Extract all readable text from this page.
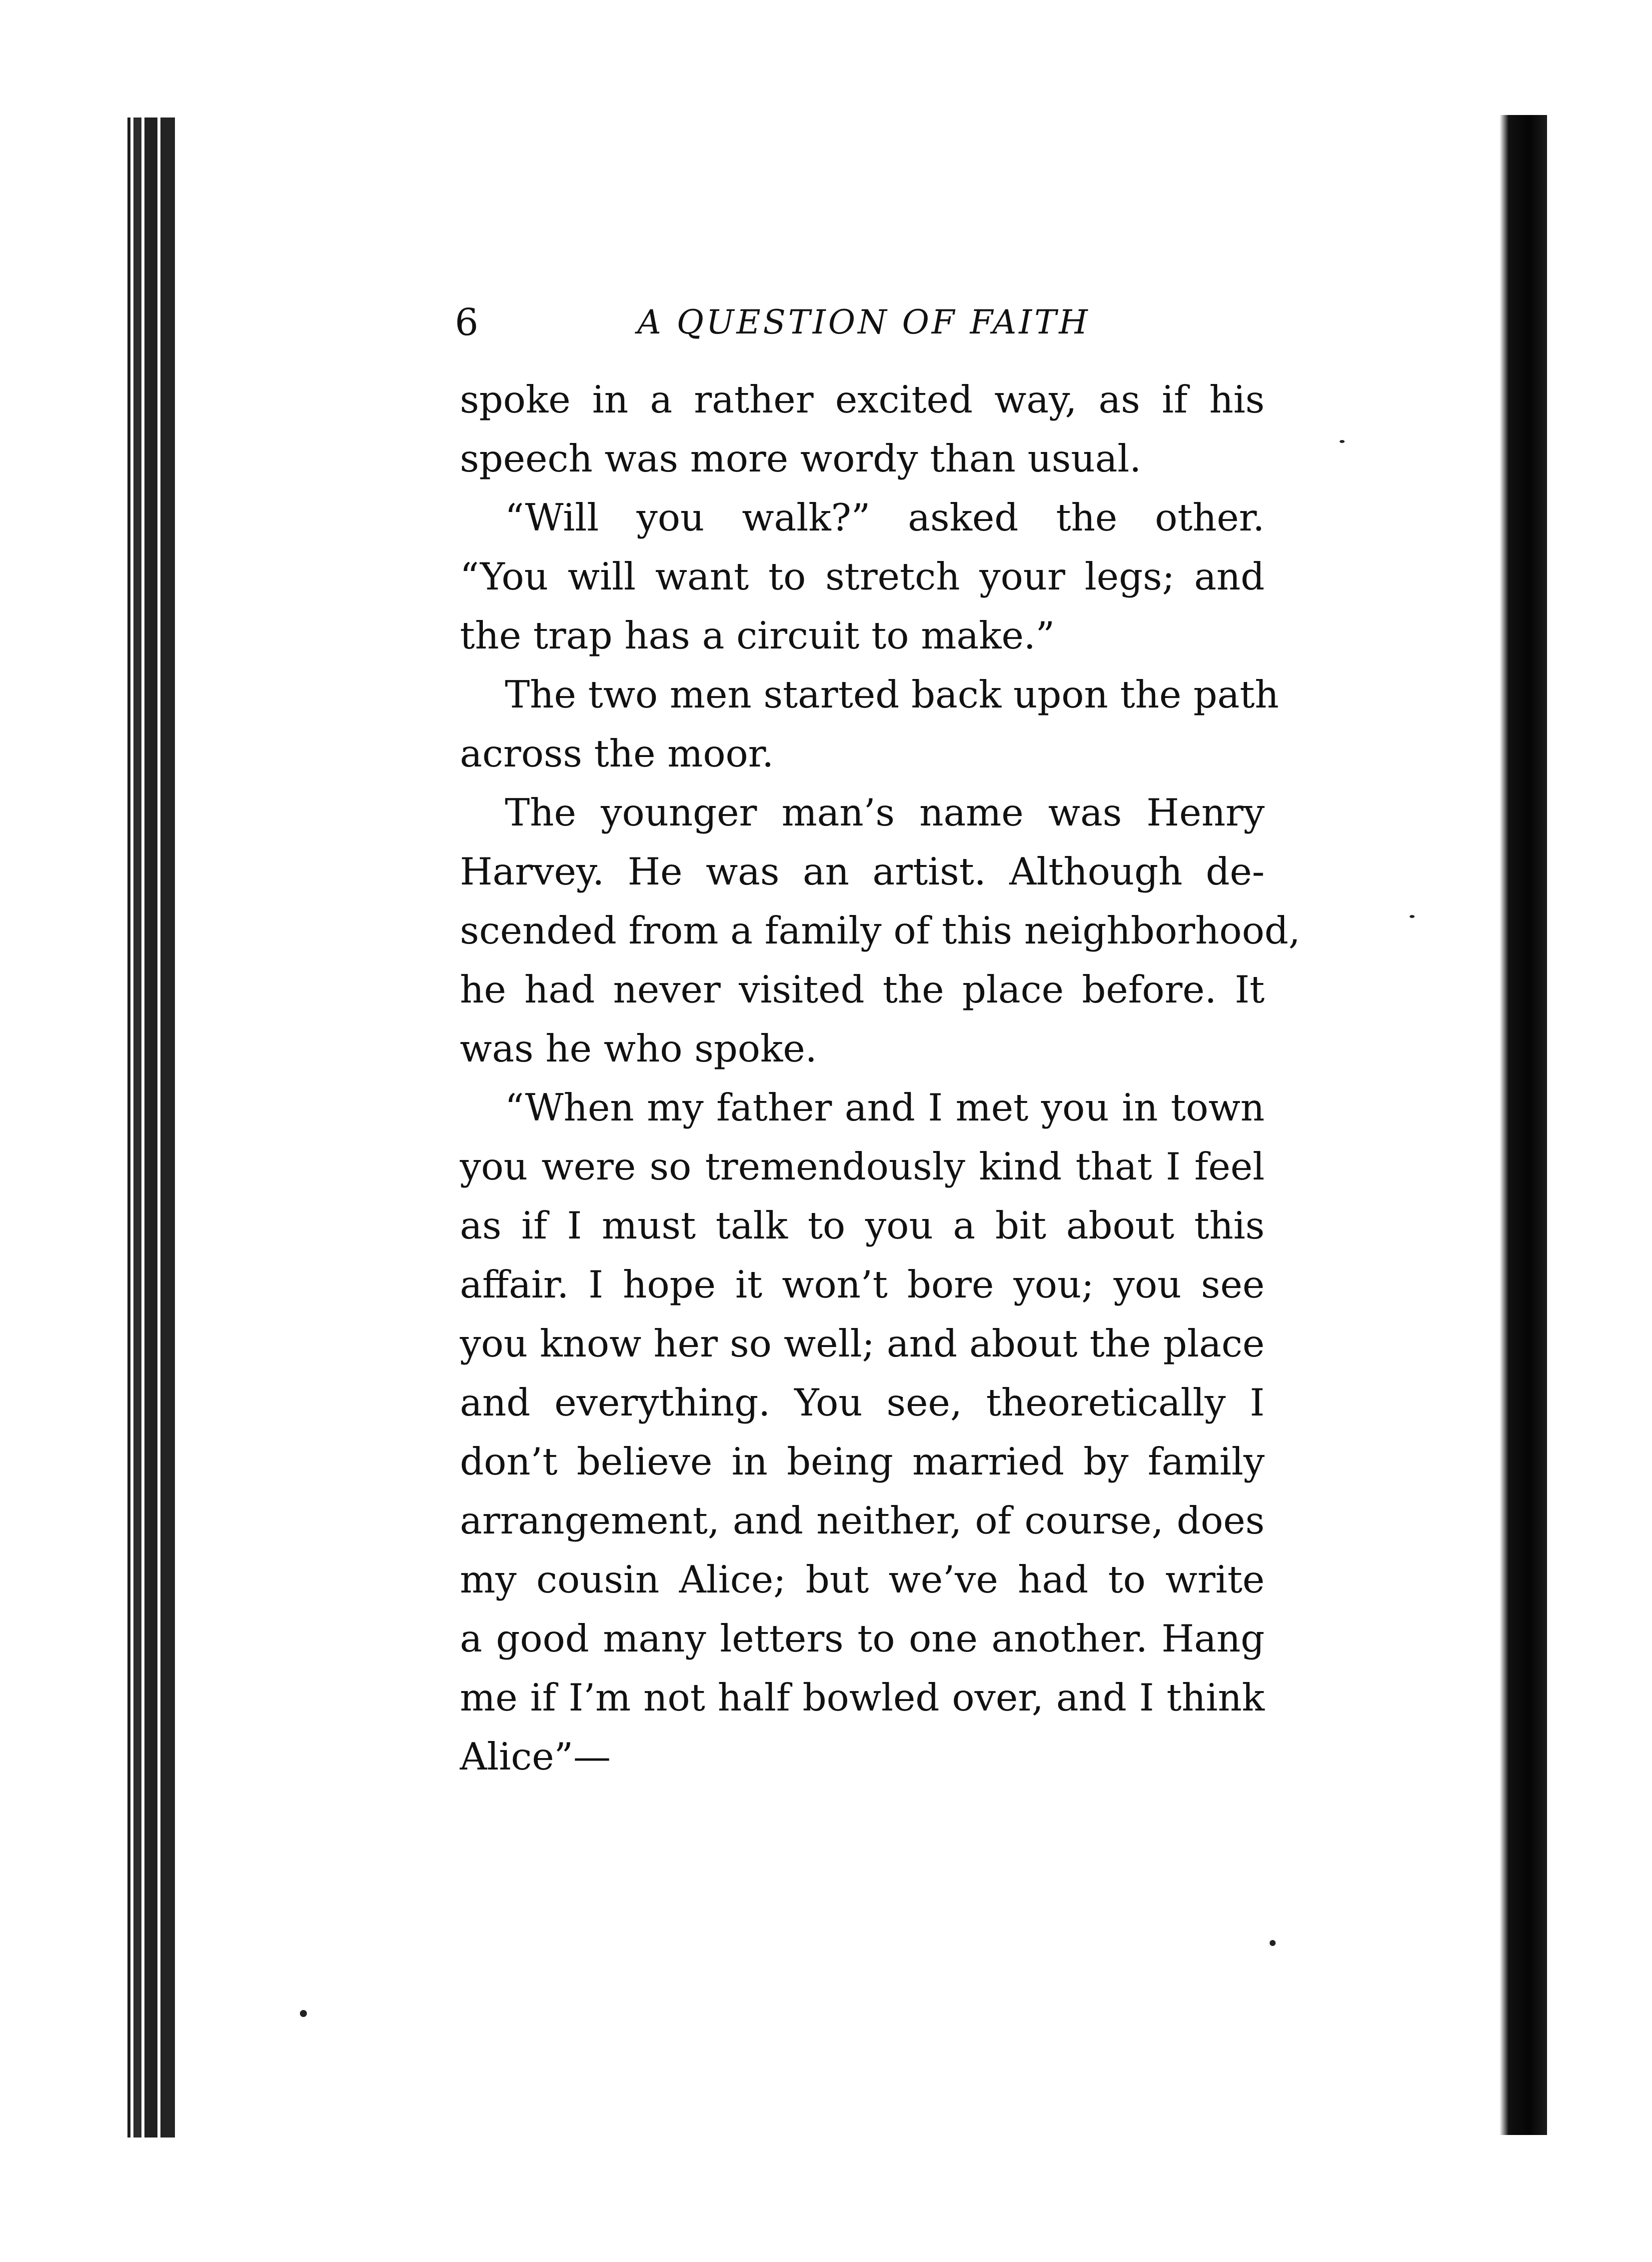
6	A QUESTION OF FAITH
spoke in a rather excited way, as if his
speech was more wordy than usual.
“Will you walk?” asked the other.
“You will want to stretch your legs; and
the trap has a circuit to make.”
The two men started back upon the path
across the moor.
The younger man’s name was Henry
Harvey. He was an artist. Although de-
scended from a family of this neighborhood,
he had never visited the place before. It
was he who spoke.
“When my father and I met you in town
you were so tremendously kind that I feel
as if I must talk to you a bit about this
affair. I hope it won’t bore you; you see
you know her so well; and about the place
and everything. You see, theoretically I
don’t believe in being married by family
arrangement, and neither, of course, does
my cousin Alice; but we’ve had to write
a good many letters to one another. Hang
me if I’m not half bowled over, and I think
Alice”—
